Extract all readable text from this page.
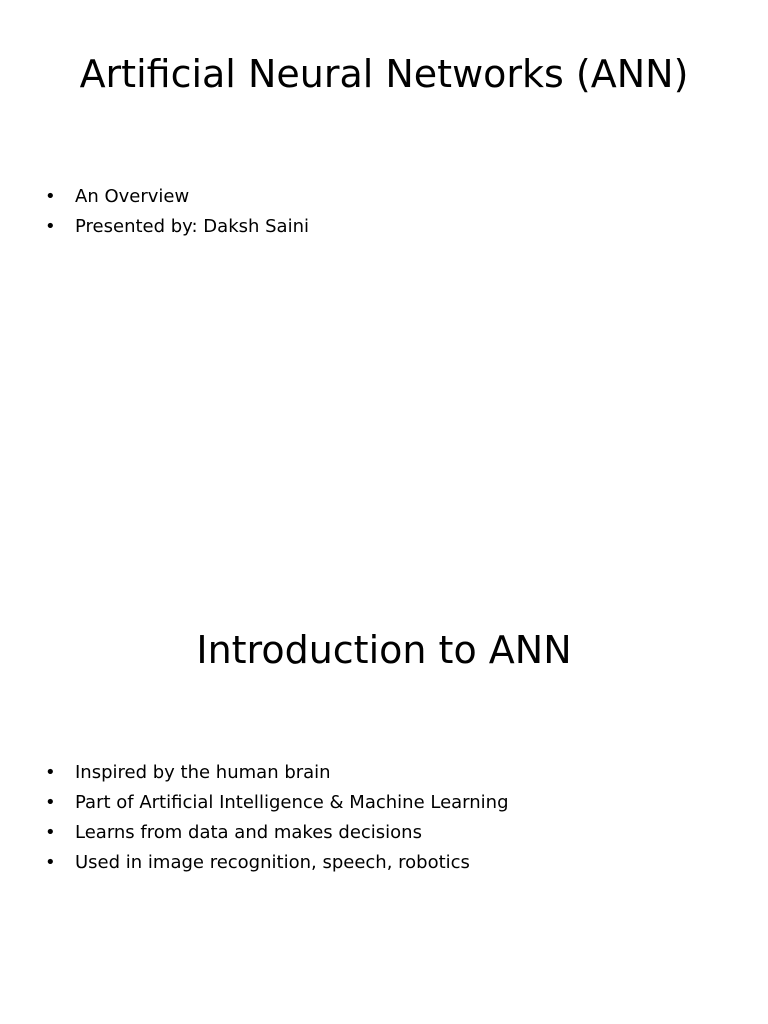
Artificial Neural Networks (ANN)
• An Overview
• Presented by: Daksh Saini
Introduction to ANN
• Inspired by the human brain
• Part of Artificial Intelligence & Machine Learning
• Learns from data and makes decisions
• Used in image recognition, speech, robotics
